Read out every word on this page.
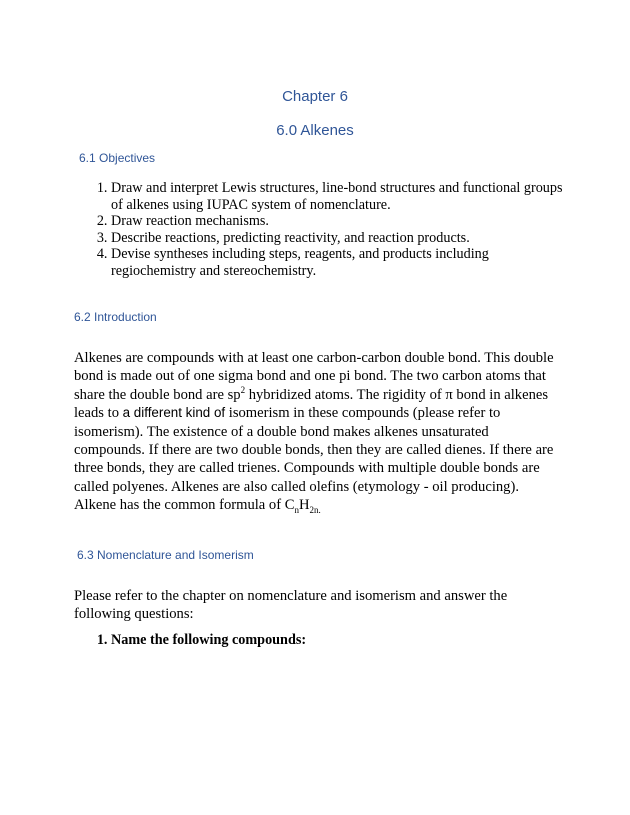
Chapter 6
6.0 Alkenes
6.1 Objectives
1. Draw and interpret Lewis structures, line-bond structures and functional groups of alkenes using IUPAC system of nomenclature.
2. Draw reaction mechanisms.
3. Describe reactions, predicting reactivity, and reaction products.
4. Devise syntheses including steps, reagents, and products including regiochemistry and stereochemistry.
6.2 Introduction

Alkenes are compounds with at least one carbon-carbon double bond. This double bond is made out of one sigma bond and one pi bond. The two carbon atoms that share the double bond are $sp^2$ hybridized atoms. The rigidity of π bond in alkenes leads to a different kind of isomerism in these compounds (please refer to isomerism). The existence of a double bond makes alkenes unsaturated compounds. If there are two double bonds, then they are called dienes. If there are three bonds, they are called trienes. Compounds with multiple double bonds are called polyenes. Alkenes are also called olefins (etymology - oil producing). Alkene has the common formula of $C_nH_{2n.}$

6.3 Nomenclature and Isomerism

Please refer to the chapter on nomenclature and isomerism and answer the following questions:

1. Name the following compounds:
